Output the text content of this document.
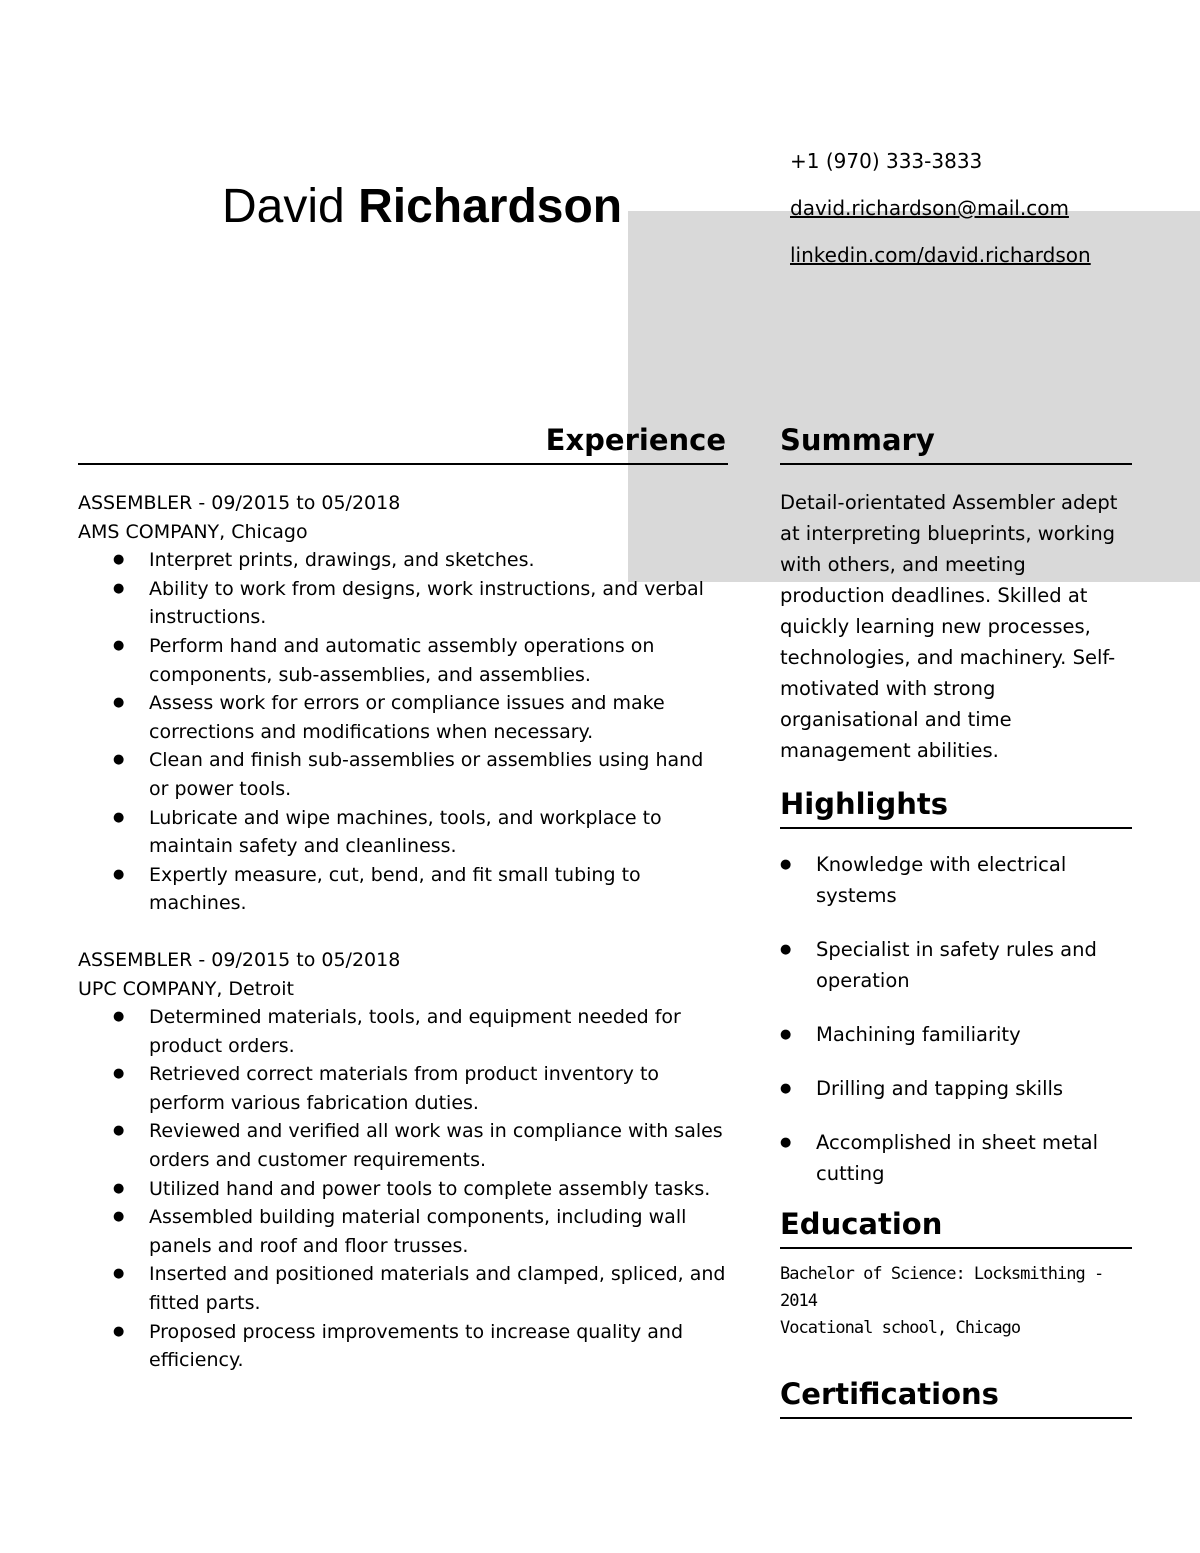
David Richardson
+1 (970) 333-3833
david.richardson@mail.com
linkedin.com/david.richardson
Experience
ASSEMBLER - 09/2015 to 05/2018
AMS COMPANY, Chicago
● Interpret prints, drawings, and sketches.
● Ability to work from designs, work instructions, and verbal instructions.
● Perform hand and automatic assembly operations on components, sub-assemblies, and assemblies.
● Assess work for errors or compliance issues and make corrections and modifications when necessary.
● Clean and finish sub-assemblies or assemblies using hand or power tools.
● Lubricate and wipe machines, tools, and workplace to maintain safety and cleanliness.
● Expertly measure, cut, bend, and fit small tubing to machines.
ASSEMBLER - 09/2015 to 05/2018
UPC COMPANY, Detroit
● Determined materials, tools, and equipment needed for product orders.
● Retrieved correct materials from product inventory to perform various fabrication duties.
● Reviewed and verified all work was in compliance with sales orders and customer requirements.
● Utilized hand and power tools to complete assembly tasks.
● Assembled building material components, including wall panels and roof and floor trusses.
● Inserted and positioned materials and clamped, spliced, and fitted parts.
● Proposed process improvements to increase quality and efficiency.
Summary
Detail-orientated Assembler adept at interpreting blueprints, working with others, and meeting production deadlines. Skilled at quickly learning new processes, technologies, and machinery. Self-motivated with strong organisational and time management abilities.
Highlights
● Knowledge with electrical systems
● Specialist in safety rules and operation
● Machining familiarity
● Drilling and tapping skills
● Accomplished in sheet metal cutting
Education
Bachelor of Science: Locksmithing - 2014
Vocational school, Chicago
Certifications
